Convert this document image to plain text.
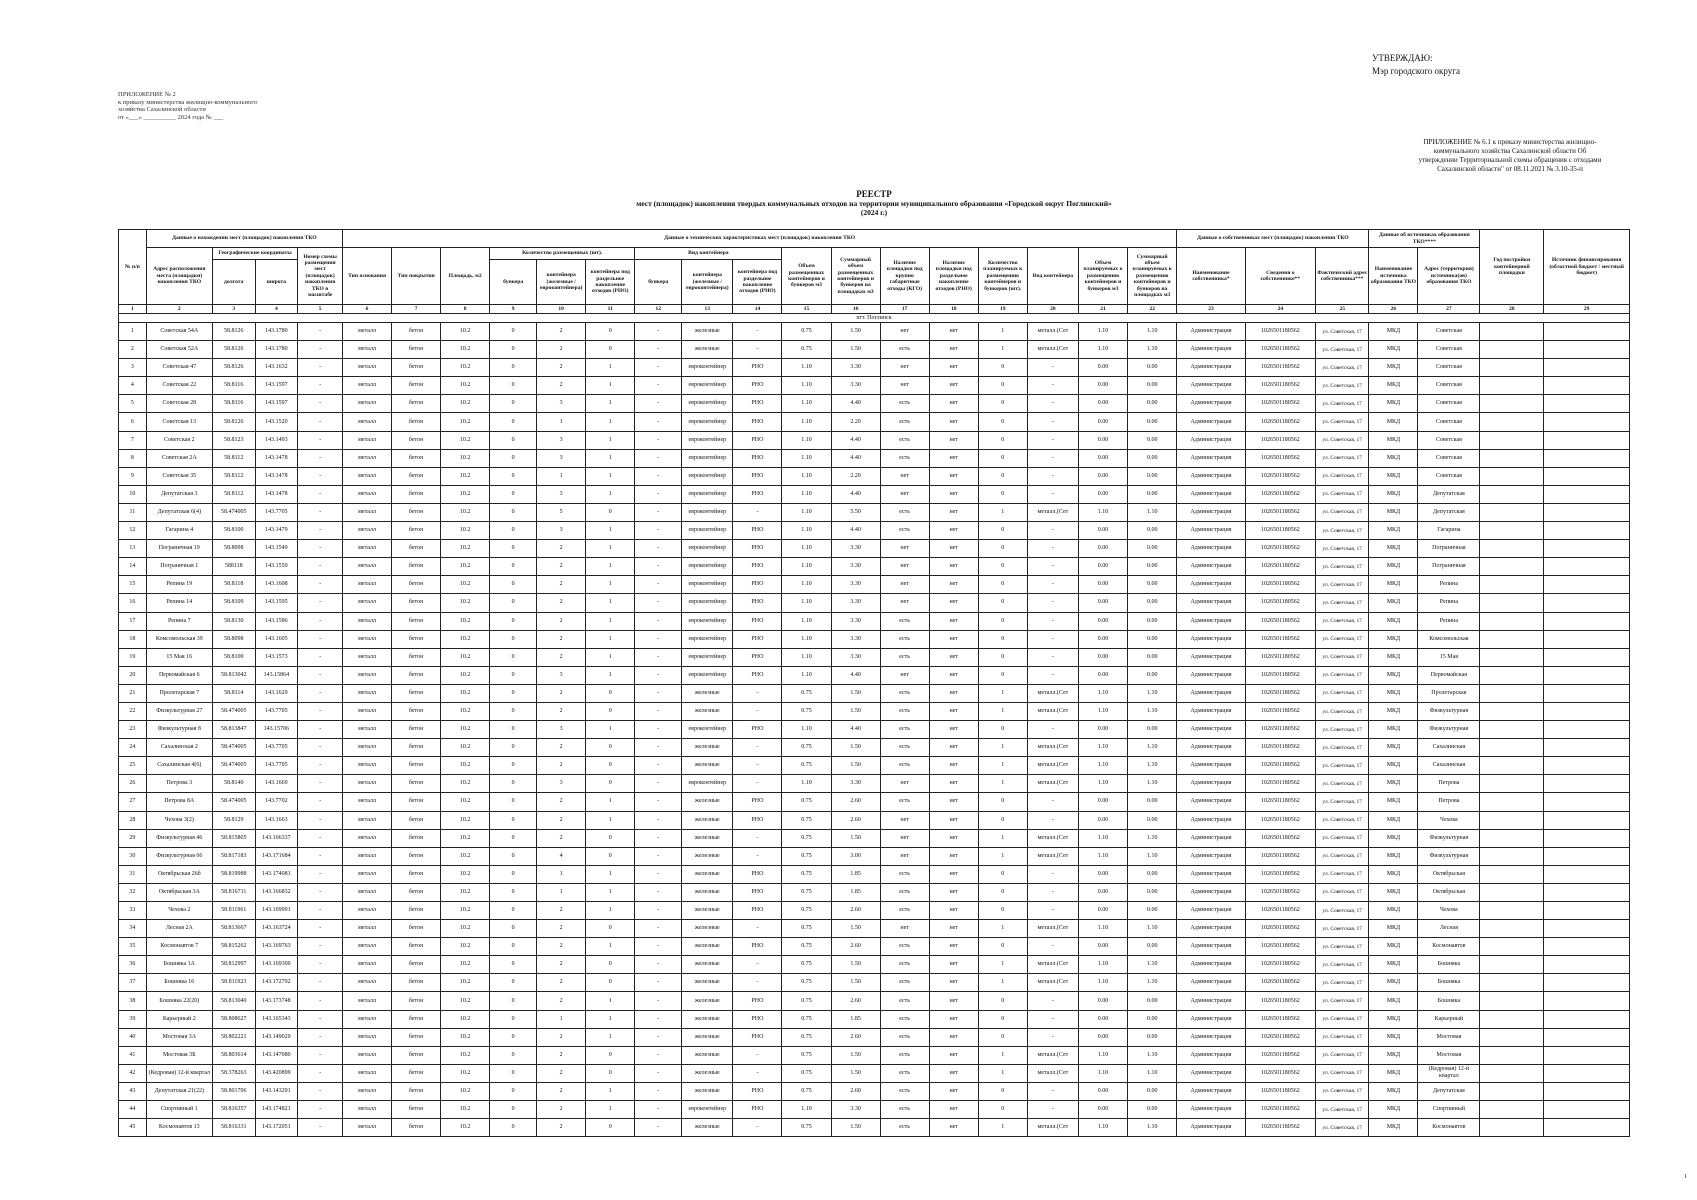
УТВЕРЖДАЮ:
Мэр городского округа
ПРИЛОЖЕНИЕ № 2
к приказу министерства жилищно-коммунального
хозяйства Сахалинской области
от «___» __________ 2024 года № ___
ПРИЛОЖЕНИЕ № 6.1 к приказу министерства жилищно-
коммунального хозяйства Сахалинской области Об
утверждении Территориальной схемы обращения с отходами
Сахалинской области" от 08.11.2021 № 3.10-35-п
РЕЕСТР
мест (площадок) накопления твердых коммунальных отходов на территории муниципального образования «Городской округ Поглинский»
(2024 г.)
№ п/п	Данные о нахождении мест (площадок) накопления ТКО				Данные о технических характеристиках мест (площадок) накопления ТКО																	Данные о собственниках мест (площадок) накопления ТКО			Данные об источниках образования ТКО****		Год постройки контейнерной площадки	Источник финансирования (областной бюджет / местный бюджет)
	Адрес расположения места (площадки) накопления ТКО	Географические координаты		Номер схемы размещения мест (площадок) накопления ТКО в масштабе	Тип основания	Тип покрытия	Площадь, м2	Количество размещенных (шт).			Вид контейнера			Объем размещенных контейнеров и бункеров м3	Суммарный объем размещенных контейнеров и бункеров на площадках м3	Наличие площадки под крупно габаритные отходы (КГО)	Наличие площадки под раздельное накопление отходов (РНО)	Количество планируемых к размещению контейнеров и бункеров (шт).	Вид контейнера	Объем планируемых к размещению контейнеров и бункеров м3	Суммарный объем планируемых к размещению контейнеров и бункеров на площадках м3	Наименование собственника*	Сведения о собственнике**	Фактический адрес собственника***	Наименование источника образования ТКО	Адрес (территория) источника(ов) образования ТКО		
		долгота	широта					бункера	контейнера (железные / евроконтейнера)	контейнера под раздельное накопление отходов (РНО)	бункера	контейнера (железные / евроконтейнера)	контейнера под раздельное накопление отходов (РНО)															
1	2	3	4	5	6	7	8	9	10	11	12	13	14	15	16	17	18	19	20	21	22	23	24	25	26	27	28	29
пгт. Поглинск																												
1	Советская 54А	58.8126	143.1780	-	металл	бетон	10.2	0	2	0	-	железные	-	0.75	1.50	нет	нет	1	металл.(Сет	1.10	1.10	Администрация	1026501180562	ул. Советская, 17	МКД	Советская		
2	Советская 52А	58.8126	143.1780	-	металл	бетон	10.2	0	2	0	-	железные	-	0.75	1.50	есть	нет	1	металл.(Сет	1.10	1.10	Администрация	1026501180562	ул. Советская, 17	МКД	Советская		
3	Советская 47	58.8126	143.1632	-	металл	бетон	10.2	0	2	1	-	евроконтейнер	РНО	1.10	3.30	нет	нет	0	-	0.00	0.00	Администрация	1026501180562	ул. Советская, 17	МКД	Советская		
4	Советская 22	58.8116	143.1597	-	металл	бетон	10.2	0	2	1	-	евроконтейнер	РНО	1.10	3.30	нет	нет	0	-	0.00	0.00	Администрация	1026501180562	ул. Советская, 17	МКД	Советская		
5	Советская 28	58.8116	143.1597	-	металл	бетон	10.2	0	3	1	-	евроконтейнер	РНО	1.10	4.40	есть	нет	0	-	0.00	0.00	Администрация	1026501180562	ул. Советская, 17	МКД	Советская		
6	Советская 13	58.8126	143.1520	-	металл	бетон	10.2	0	1	1	-	евроконтейнер	РНО	1.10	2.20	есть	нет	0	-	0.00	0.00	Администрация	1026501180562	ул. Советская, 17	МКД	Советская		
7	Советская 2	58.8123	143.1493	-	металл	бетон	10.2	0	3	1	-	евроконтейнер	РНО	1.10	4.40	есть	нет	0	-	0.00	0.00	Администрация	1026501180562	ул. Советская, 17	МКД	Советская		
8	Советская 2А	58.8112	143.1478	-	металл	бетон	10.2	0	3	1	-	евроконтейнер	РНО	1.10	4.40	есть	нет	0	-	0.00	0.00	Администрация	1026501180562	ул. Советская, 17	МКД	Советская		
9	Советская 35	58.8112	143.1478	-	металл	бетон	10.2	0	1	1	-	евроконтейнер	РНО	1.10	2.20	нет	нет	0	-	0.00	0.00	Администрация	1026501180562	ул. Советская, 17	МКД	Советская		
10	Депутатская 3	58.8112	143.1478	-	металл	бетон	10.2	0	3	1	-	евроконтейнер	РНО	1.10	4.40	нет	нет	0	-	0.00	0.00	Администрация	1026501180562	ул. Советская, 17	МКД	Депутатская		
11	Депутатская 6(4)	58.474005	143.7705	-	металл	бетон	10.2	0	5	0	-	евроконтейнер	-	1.10	5.50	есть	нет	1	металл.(Сет	1.10	1.10	Администрация	1026501180562	ул. Советская, 17	МКД	Депутатская		
12	Гагарина 4	58.8100	143.1479	-	металл	бетон	10.2	0	3	1	-	евроконтейнер	РНО	1.10	4.40	есть	нет	0	-	0.00	0.00	Администрация	1026501180562	ул. Советская, 17	МКД	Гагарина		
13	Пограничная 19	58.8098	143.1549	-	металл	бетон	10.2	0	2	1	-	евроконтейнер	РНО	1.10	3.30	нет	нет	0	-	0.00	0.00	Администрация	1026501180562	ул. Советская, 17	МКД	Пограничная		
14	Пограничная 1	588118	143.1550	-	металл	бетон	10.2	0	2	1	-	евроконтейнер	РНО	1.10	3.30	нет	нет	0	-	0.00	0.00	Администрация	1026501180562	ул. Советская, 17	МКД	Пограничная		
15	Репина 19	58.8118	143.1608	-	металл	бетон	10.2	0	2	1	-	евроконтейнер	РНО	1.10	3.30	нет	нет	0	-	0.00	0.00	Администрация	1026501180562	ул. Советская, 17	МКД	Репина		
16	Репина 14	58.8109	143.1595	-	металл	бетон	10.2	0	2	1	-	евроконтейнер	РНО	1.10	3.30	нет	нет	0	-	0.00	0.00	Администрация	1026501180562	ул. Советская, 17	МКД	Репина		
17	Репина 7	58.8130	143.1586	-	металл	бетон	10.2	0	2	1	-	евроконтейнер	РНО	1.10	3.30	есть	нет	0	-	0.00	0.00	Администрация	1026501180562	ул. Советская, 17	МКД	Репина		
18	Комсомольская 39	58.8098	143.1605	-	металл	бетон	10.2	0	2	1	-	евроконтейнер	РНО	1.10	3.30	есть	нет	0	-	0.00	0.00	Администрация	1026501180562	ул. Советская, 17	МКД	Комсомольская		
19	15 Мая 16	58.8100	143.1573	-	металл	бетон	10.2	0	2	1	-	евроконтейнер	РНО	1.10	3.30	есть	нет	0	-	0.00	0.00	Администрация	1026501180562	ул. Советская, 17	МКД	15 Мая		
20	Первомайская 6	58.813042	143.15864	-	металл	бетон	10.2	0	3	1	-	евроконтейнер	РНО	1.10	4.40	нет	нет	0	-	0.00	0.00	Администрация	1026501180562	ул. Советская, 17	МКД	Первомайская		
21	Пролетарская 7	58.8114	143.1629	-	металл	бетон	10.2	0	2	0	-	железные	-	0.75	1.50	есть	нет	1	металл.(Сет	1.10	1.10	Администрация	1026501180562	ул. Советская, 17	МКД	Пролетарская		
22	Физкультурная 27	58.474005	143.7705	-	металл	бетон	10.2	0	2	0	-	железные	-	0.75	1.50	есть	нет	1	металл.(Сет	1.10	1.10	Администрация	1026501180562	ул. Советская, 17	МКД	Физкультурная		
23	Физкультурная 8	58.813847	143.15706	-	металл	бетон	10.2	0	3	1	-	евроконтейнер	РНО	1.10	4.40	есть	нет	0	-	0.00	0.00	Администрация	1026501180562	ул. Советская, 17	МКД	Физкультурная		
24	Сахалинская 2	58.474005	143.7705	-	металл	бетон	10.2	0	2	0	-	железные	-	0.75	1.50	есть	нет	1	металл.(Сет	1.10	1.10	Администрация	1026501180562	ул. Советская, 17	МКД	Сахалинская		
25	Сахалинская 4(6)	58.474005	143.7705	-	металл	бетон	10.2	0	2	0	-	железные	-	0.75	1.50	есть	нет	1	металл.(Сет	1.10	1.10	Администрация	1026501180562	ул. Советская, 17	МКД	Сахалинская		
26	Петрова 3	58.8140	143.1669	-	металл	бетон	10.2	0	3	0	-	евроконтейнер	-	1.10	3.30	нет	нет	1	металл.(Сет	1.10	1.10	Администрация	1026501180562	ул. Советская, 17	МКД	Петрова		
27	Петрова 8А	58.474005	143.7702	-	металл	бетон	10.2	0	2	1	-	железные	РНО	0.75	2.60	есть	нет	0	-	0.00	0.00	Администрация	1026501180562	ул. Советская, 17	МКД	Петрова		
28	Чехова 3(2)	58.8129	143.1663	-	металл	бетон	10.2	0	2	1	-	железные	РНО	0.75	2.60	нет	нет	0	-	0.00	0.00	Администрация	1026501180562	ул. Советская, 17	МКД	Чехова		
29	Физкультурная 46	58.815805	143.166337	-	металл	бетон	10.2	0	2	0	-	железные	-	0.75	1.50	нет	нет	1	металл.(Сет	1.10	1.10	Администрация	1026501180562	ул. Советская, 17	МКД	Физкультурная		
30	Физкультурная 66	58.817183	143.171684	-	металл	бетон	10.2	0	4	0	-	железные	-	0.75	3.00	нет	нет	1	металл.(Сет	1.10	1.10	Администрация	1026501180562	ул. Советская, 17	МКД	Физкультурная		
31	Октябрьская 26б	58.819988	143.174081	-	металл	бетон	10.2	0	1	1	-	железные	РНО	0.75	1.85	есть	нет	0	-	0.00	0.00	Администрация	1026501180562	ул. Советская, 17	МКД	Октябрьская		
32	Октябрьская 3А	58.816711	143.166832	-	металл	бетон	10.2	0	1	1	-	железные	РНО	0.75	1.85	есть	нет	0	-	0.00	0.00	Администрация	1026501180562	ул. Советская, 17	МКД	Октябрьская		
33	Чехова 2	58.811961	143.169991	-	металл	бетон	10.2	0	2	1	-	железные	РНО	0.75	2.60	есть	нет	0	-	0.00	0.00	Администрация	1026501180562	ул. Советская, 17	МКД	Чехова		
34	Лесная 2А	58.813667	143.163724	-	металл	бетон	10.2	0	2	0	-	железные	-	0.75	1.50	нет	нет	1	металл.(Сет	1.10	1.10	Администрация	1026501180562	ул. Советская, 17	МКД	Лесная		
35	Космонавтов 7	58.815262	143.169763	-	металл	бетон	10.2	0	2	1	-	железные	РНО	0.75	2.60	есть	нет	0	-	0.00	0.00	Администрация	1026501180562	ул. Советская, 17	МКД	Космонавтов		
36	Бошняка 1А	58.812997	143.169300	-	металл	бетон	10.2	0	2	0	-	железные	-	0.75	1.50	есть	нет	1	металл.(Сет	1.10	1.10	Администрация	1026501180562	ул. Советская, 17	МКД	Бошняка		
37	Бошняка 16	58.811923	143.172792	-	металл	бетон	10.2	0	2	0	-	железные	-	0.75	1.50	есть	нет	1	металл.(Сет	1.10	1.10	Администрация	1026501180562	ул. Советская, 17	МКД	Бошняка		
38	Бошняка 22(20)	58.813040	143.173748	-	металл	бетон	10.2	0	2	1	-	железные	РНО	0.75	2.60	есть	нет	0	-	0.00	0.00	Администрация	1026501180562	ул. Советская, 17	МКД	Бошняка		
39	Карьерный 2	58.808627	143.165343	-	металл	бетон	10.2	0	1	1	-	железные	РНО	0.75	1.85	есть	нет	0	-	0.00	0.00	Администрация	1026501180562	ул. Советская, 17	МКД	Карьерный		
40	Мостовая 3А	58.802221	143.149029	-	металл	бетон	10.2	0	2	1	-	железные	РНО	0.75	2.60	есть	нет	0	-	0.00	0.00	Администрация	1026501180562	ул. Советская, 17	МКД	Мостовая		
41	Мостовая 3Б	58.803614	143.147080	-	металл	бетон	10.2	0	2	0	-	железные	-	0.75	1.50	есть	нет	1	металл.(Сет	1.10	1.10	Администрация	1026501180562	ул. Советская, 17	МКД	Мостовая		
42	(Кедровая) 12-й квартал	58.378263	143.420899	-	металл	бетон	10.2	0	2	0	-	железные	-	0.75	1.50	есть	нет	1	металл.(Сет	1.10	1.10	Администрация	1026501180562	ул. Советская, 17	МКД	(Кедровая) 12-й квартал		
43	Депутатская 21(22)	58.801706	143.143291	-	металл	бетон	10.2	0	2	1	-	железные	РНО	0.75	2.60	есть	нет	0	-	0.00	0.00	Администрация	1026501180562	ул. Советская, 17	МКД	Депутатская		
44	Спортивный 1	58.816357	143.174821	-	металл	бетон	10.2	0	2	1	-	евроконтейнер	РНО	1.10	3.30	есть	нет	0	-	0.00	0.00	Администрация	1026501180562	ул. Советская, 17	МКД	Спортивный		
45	Космонавтов 13	58.816331	143.172051	-	металл	бетон	10.2	0	2	0	-	железные	-	0.75	1.50	есть	нет	1	металл.(Сет	1.10	1.10	Администрация	1026501180562	ул. Советская, 17	МКД	Космонавтов		
1
